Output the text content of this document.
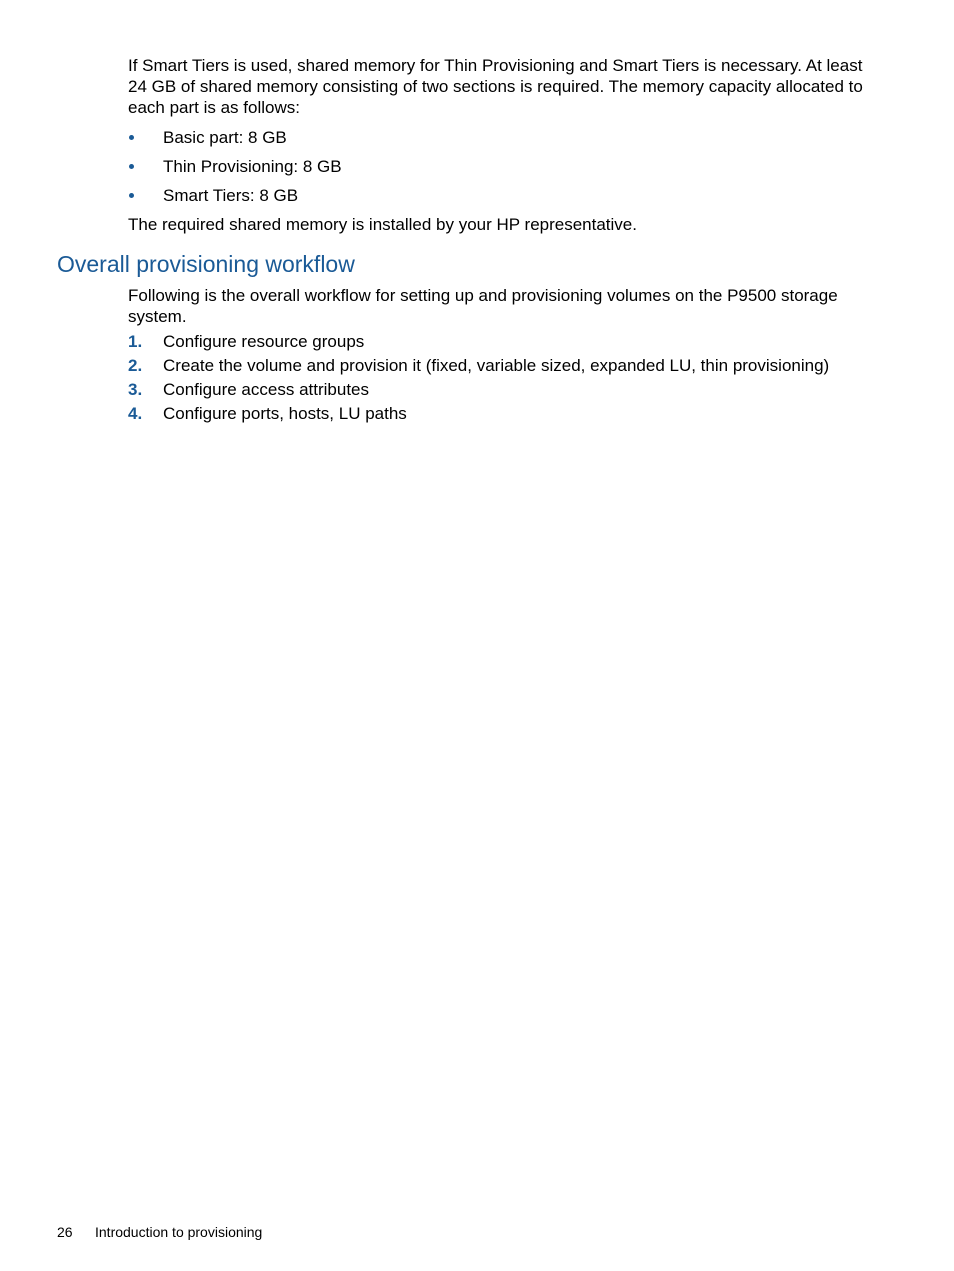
If Smart Tiers is used, shared memory for Thin Provisioning and Smart Tiers is necessary. At least 24 GB of shared memory consisting of two sections is required. The memory capacity allocated to each part is as follows:

Basic part: 8 GB
Thin Provisioning: 8 GB
Smart Tiers: 8 GB

The required shared memory is installed by your HP representative.

Overall provisioning workflow

Following is the overall workflow for setting up and provisioning volumes on the P9500 storage system.

1. Configure resource groups
2. Create the volume and provision it (fixed, variable sized, expanded LU, thin provisioning)
3. Configure access attributes
4. Configure ports, hosts, LU paths
26 Introduction to provisioning
